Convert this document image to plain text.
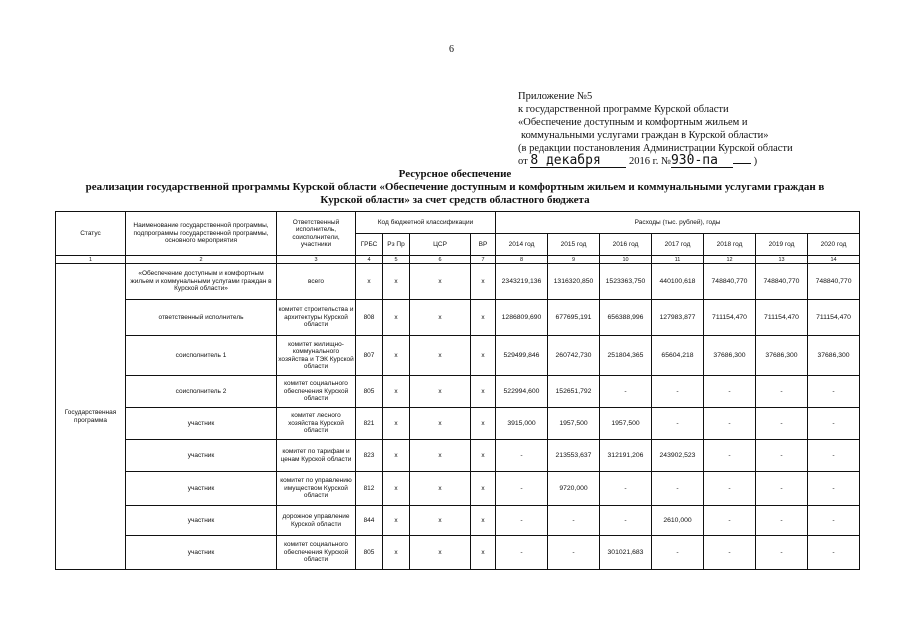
6
Приложение №5
к государственной программе Курской области
«Обеспечение доступным и комфортным жильем и
коммунальными услугами граждан в Курской области»
(в редакции постановления Администрации Курской области
от 8 декабря	2016 г. №930-па	)
Ресурсное обеспечение
реализации государственной программы Курской области «Обеспечение доступным и комфортным жильем и коммунальными услугами граждан в
Курской области» за счет средств областного бюджета
Статус	Наименование государственной программы, подпрограммы государственной программы, основного мероприятия	Ответственный исполнитель, соисполнители, участники	Код бюджетной классификации				Расходы (тыс. рублей), годы						
			ГРБС	Рз Пр	ЦСР	ВР	2014 год	2015 год	2016 год	2017 год	2018 год	2019 год	2020 год
1	2	3	4	5	6	7	8	9	10	11	12	13	14
Государственная программа	«Обеспечение доступным и комфортным жильем и коммунальными услугами граждан в Курской области»	всего	x	x	x	x	2343219,136	1316320,850	1523363,750	440100,618	748840,770	748840,770	748840,770
	ответственный исполнитель	комитет строительства и архитектуры Курской области	808	x	x	x	1286809,690	677695,191	656388,996	127983,877	711154,470	711154,470	711154,470
	соисполнитель 1	комитет жилищно-коммунального хозяйства и ТЭК Курской области	807	x	x	x	529499,846	260742,730	251804,365	65604,218	37686,300	37686,300	37686,300
	соисполнитель 2	комитет социального обеспечения Курской области	805	x	x	x	522994,600	152651,792	-	-	-	-	-
	участник	комитет лесного хозяйства Курской области	821	x	x	x	3915,000	1957,500	1957,500	-	-	-	-
	участник	комитет по тарифам и ценам Курской области	823	x	x	x	-	213553,637	312191,206	243902,523	-	-	-
	участник	комитет по управлению имуществом Курской области	812	x	x	x	-	9720,000	-	-	-	-	-
	участник	дорожное управление Курской области	844	x	x	x	-	-	-	2610,000	-	-	-
	участник	комитет социального обеспечения Курской области	805	x	x	x	-	-	301021,683	-	-	-	-
